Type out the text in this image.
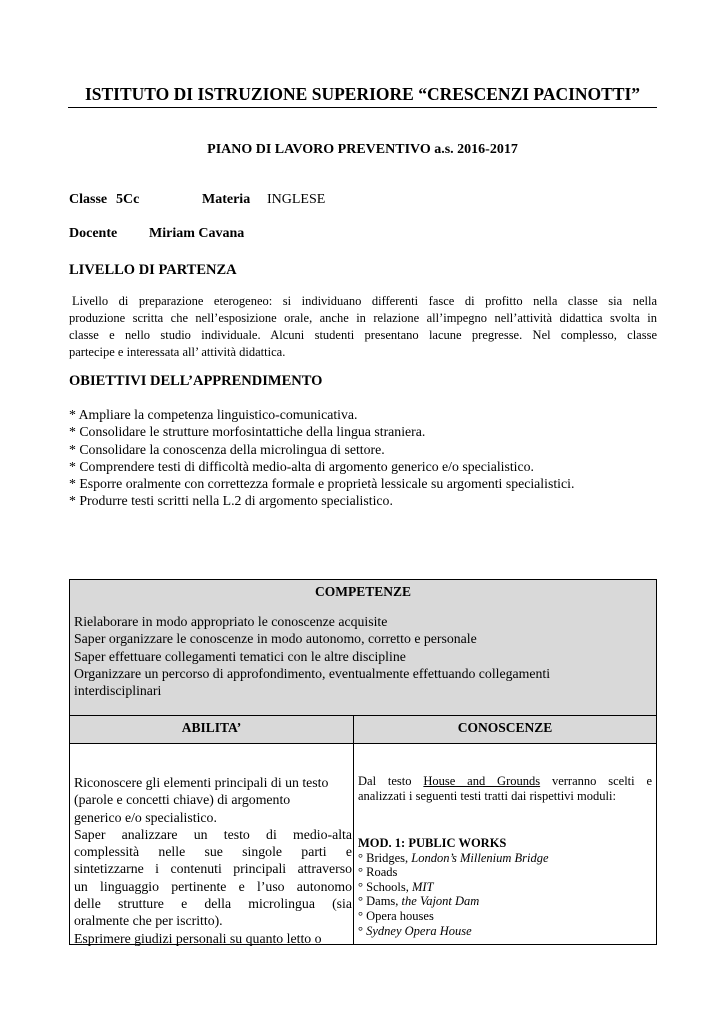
ISTITUTO DI ISTRUZIONE SUPERIORE “CRESCENZI PACINOTTI”
PIANO DI LAVORO PREVENTIVO a.s. 2016-2017
Classe 5Cc	Materia INGLESE
Docente Miriam Cavana
LIVELLO DI PARTENZA
Livello di preparazione eterogeneo: si individuano differenti fasce di profitto nella classe sia nella
produzione scritta che nell’esposizione orale, anche in relazione all’impegno nell’attività didattica svolta in
classe e nello studio individuale. Alcuni studenti presentano lacune pregresse. Nel complesso, classe
partecipe e interessata all’ attività didattica.
OBIETTIVI DELL’APPRENDIMENTO
* Ampliare la competenza linguistico-comunicativa.
* Consolidare le strutture morfosintattiche della lingua straniera.
* Consolidare la conoscenza della microlingua di settore.
* Comprendere testi di difficoltà medio-alta di argomento generico e/o specialistico.
* Esporre oralmente con correttezza formale e proprietà lessicale su argomenti specialistici.
* Produrre testi scritti nella L.2 di argomento specialistico.
COMPETENZE
Rielaborare in modo appropriato le conoscenze acquisite
Saper organizzare le conoscenze in modo autonomo, corretto e personale
Saper effettuare collegamenti tematici con le altre discipline
Organizzare un percorso di approfondimento, eventualmente effettuando collegamenti
interdisciplinari
ABILITA’	CONOSCENZE
Riconoscere gli elementi principali di un testo
(parole e concetti chiave) di argomento
generico e/o specialistico.
Saper analizzare un testo di medio-alta
complessità nelle sue singole parti e
sintetizzarne i contenuti principali attraverso
un linguaggio pertinente e l’uso autonomo
delle strutture e della microlingua (sia
oralmente che per iscritto).
Esprimere giudizi personali su quanto letto o
Dal testo House and Grounds verranno scelti e
analizzati i seguenti testi tratti dai rispettivi moduli:
MOD. 1: PUBLIC WORKS
° Bridges, London’s Millenium Bridge
° Roads
° Schools, MIT
° Dams, the Vajont Dam
° Opera houses
° Sydney Opera House
